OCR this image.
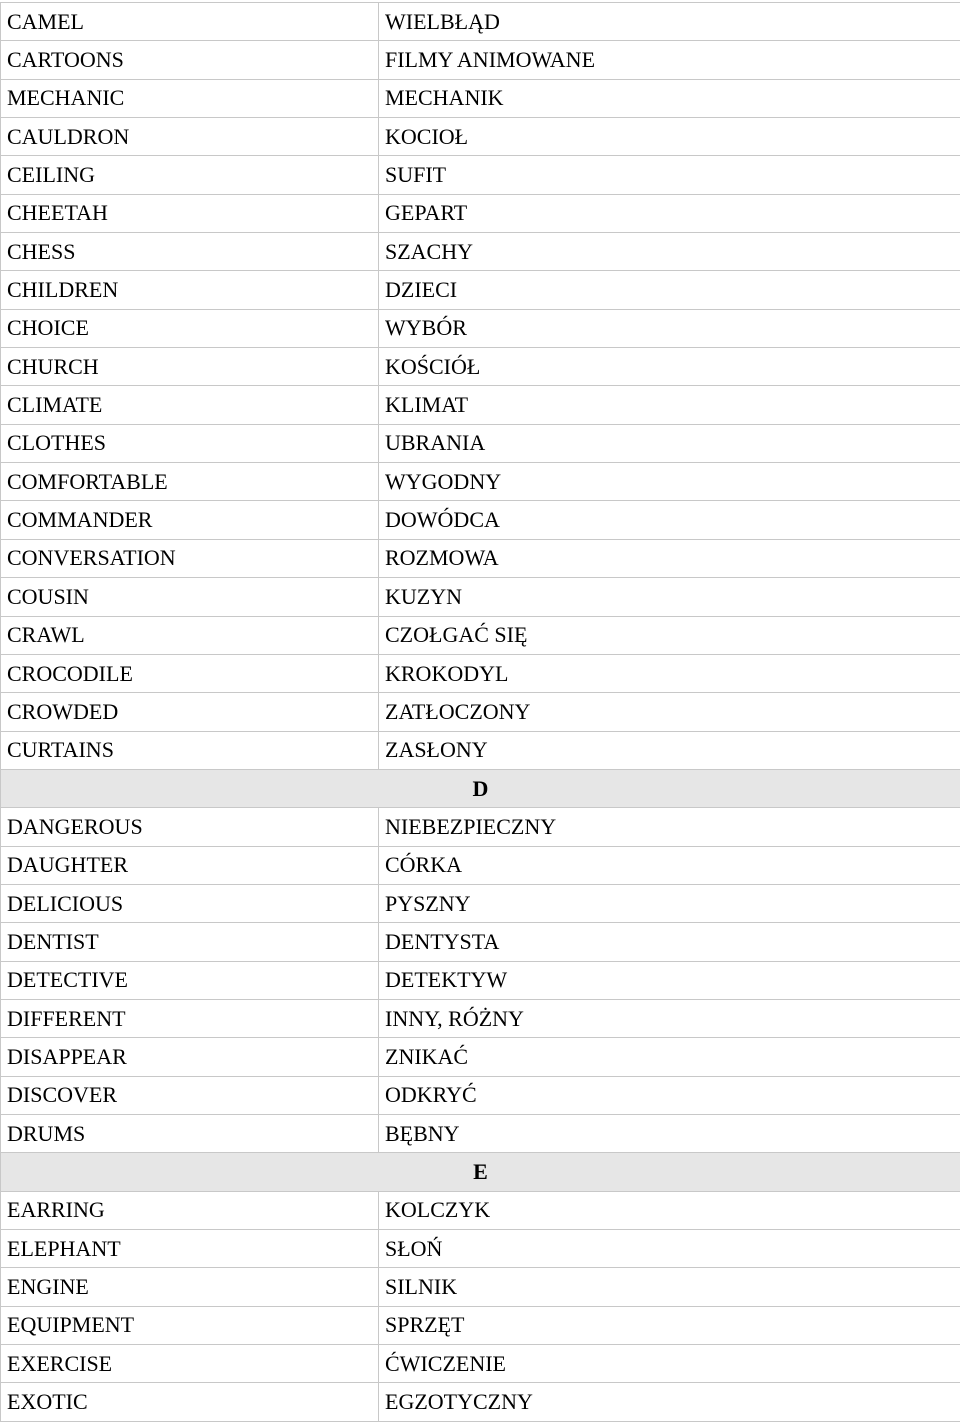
CAMEL	WIELBŁĄD
CARTOONS	FILMY ANIMOWANE
MECHANIC	MECHANIK
CAULDRON	KOCIOŁ
CEILING	SUFIT
CHEETAH	GEPART
CHESS	SZACHY
CHILDREN	DZIECI
CHOICE	WYBÓR
CHURCH	KOŚCIÓŁ
CLIMATE	KLIMAT
CLOTHES	UBRANIA
COMFORTABLE	WYGODNY
COMMANDER	DOWÓDCA
CONVERSATION	ROZMOWA
COUSIN	KUZYN
CRAWL	CZOŁGAĆ SIĘ
CROCODILE	KROKODYL
CROWDED	ZATŁOCZONY
CURTAINS	ZASŁONY
D	
DANGEROUS	NIEBEZPIECZNY
DAUGHTER	CÓRKA
DELICIOUS	PYSZNY
DENTIST	DENTYSTA
DETECTIVE	DETEKTYW
DIFFERENT	INNY, RÓŻNY
DISAPPEAR	ZNIKAĆ
DISCOVER	ODKRYĆ
DRUMS	BĘBNY
E	
EARRING	KOLCZYK
ELEPHANT	SŁOŃ
ENGINE	SILNIK
EQUIPMENT	SPRZĘT
EXERCISE	ĆWICZENIE
EXOTIC	EGZOTYCZNY
